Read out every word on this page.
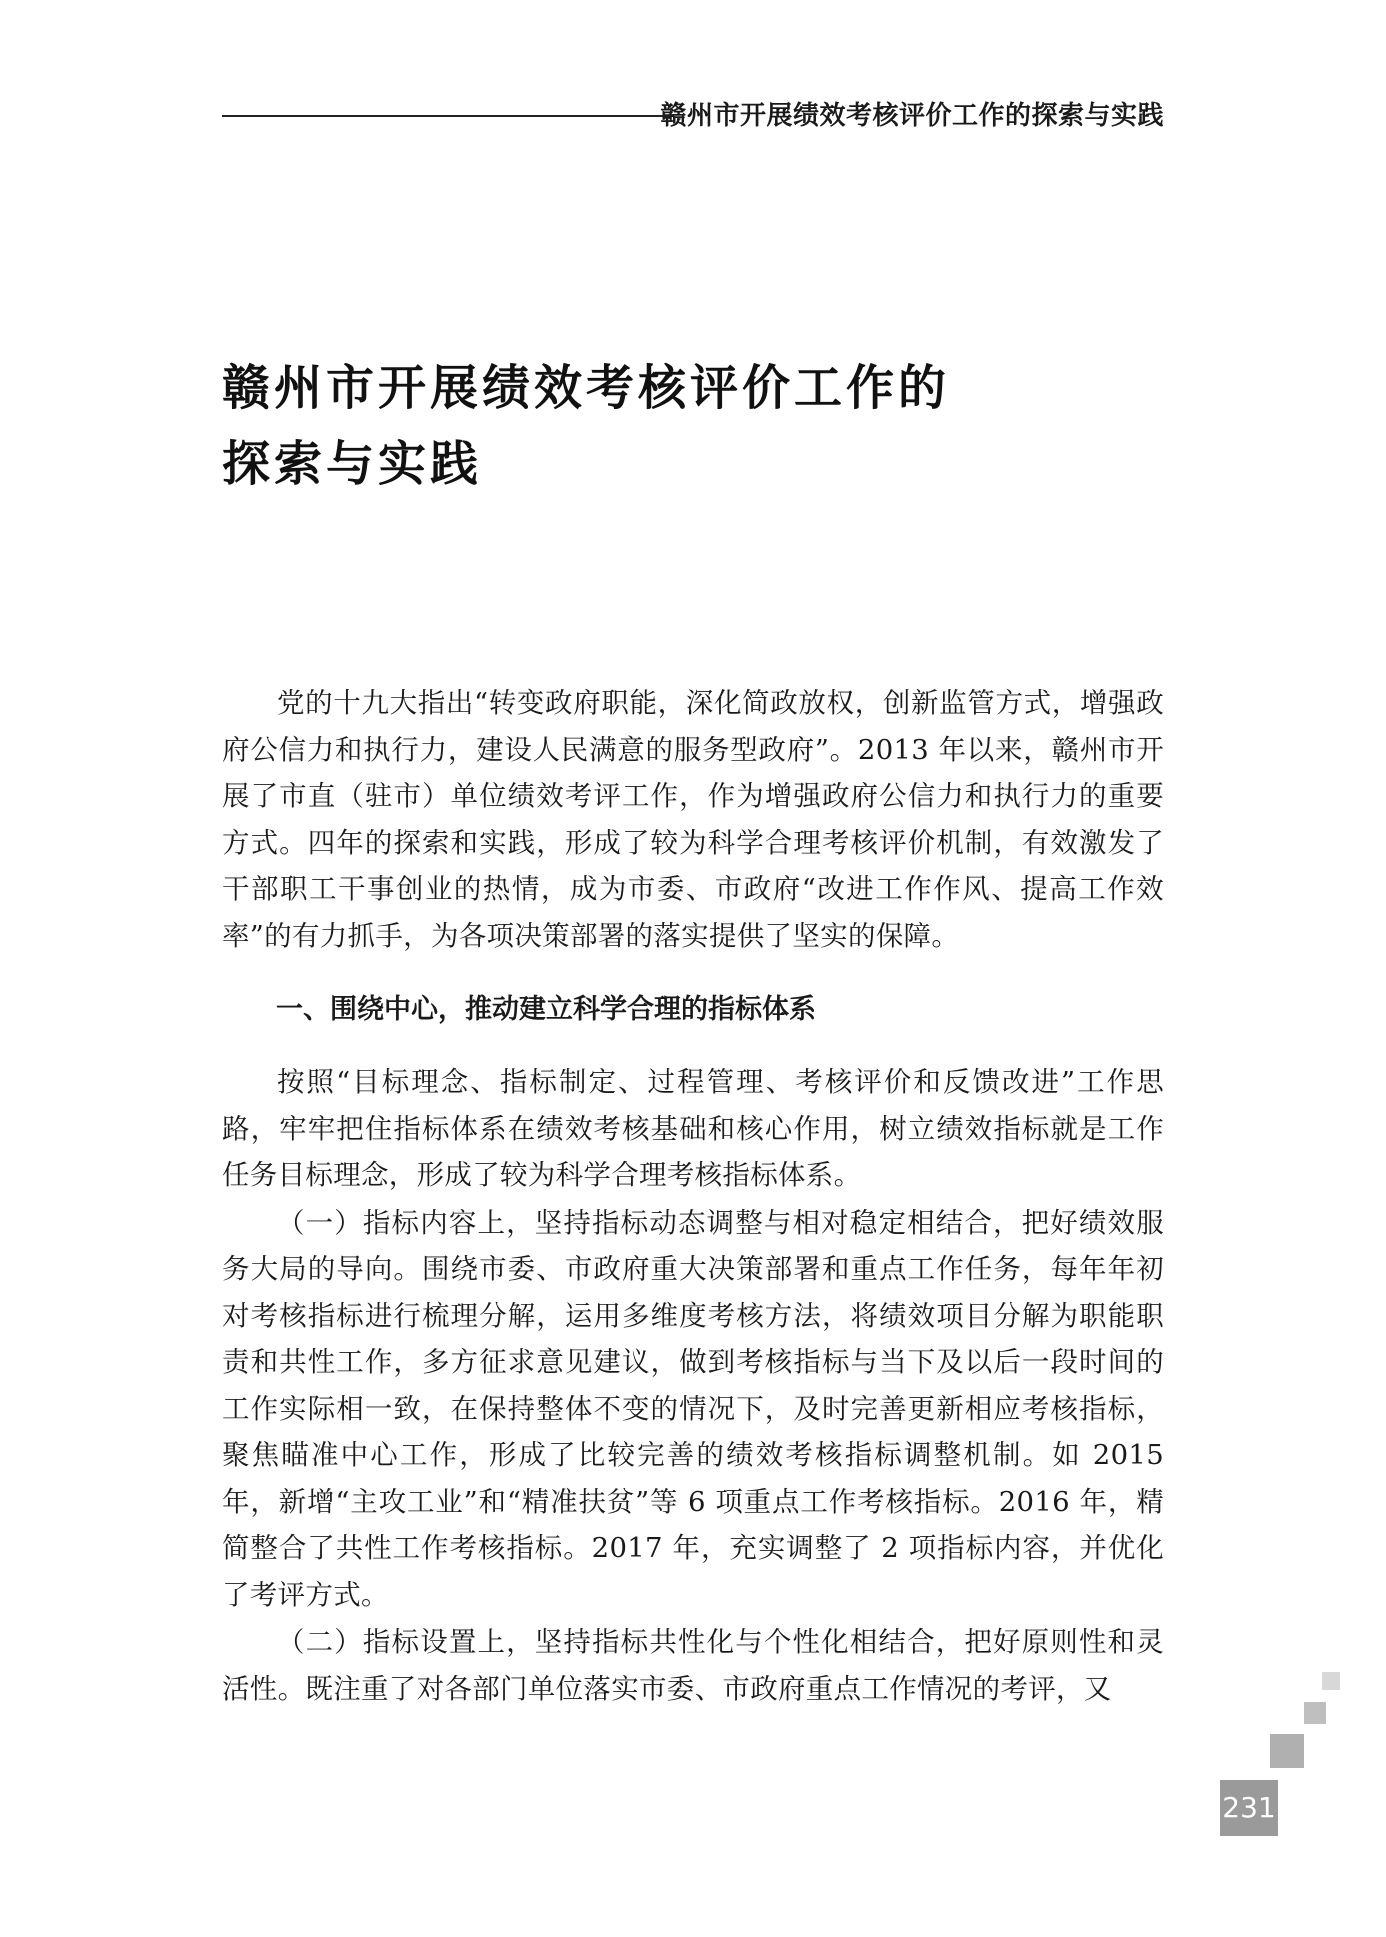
赣州市开展绩效考核评价工作的探索与实践
赣州市开展绩效考核评价工作的
探索与实践

党的十九大指出“转变政府职能，深化简政放权，创新监管方式，增强政府公信力和执行力，建设人民满意的服务型政府”。2013 年以来，赣州市开展了市直（驻市）单位绩效考评工作，作为增强政府公信力和执行力的重要方式。四年的探索和实践，形成了较为科学合理考核评价机制，有效激发了干部职工干事创业的热情，成为市委、市政府“改进工作作风、提高工作效率”的有力抓手，为各项决策部署的落实提供了坚实的保障。

一、围绕中心，推动建立科学合理的指标体系

按照“目标理念、指标制定、过程管理、考核评价和反馈改进”工作思路，牢牢把住指标体系在绩效考核基础和核心作用，树立绩效指标就是工作任务目标理念，形成了较为科学合理考核指标体系。

（一）指标内容上，坚持指标动态调整与相对稳定相结合，把好绩效服务大局的导向。围绕市委、市政府重大决策部署和重点工作任务，每年年初对考核指标进行梳理分解，运用多维度考核方法，将绩效项目分解为职能职责和共性工作，多方征求意见建议，做到考核指标与当下及以后一段时间的工作实际相一致，在保持整体不变的情况下，及时完善更新相应考核指标，聚焦瞄准中心工作，形成了比较完善的绩效考核指标调整机制。如 2015 年，新增“主攻工业”和“精准扶贫”等 6 项重点工作考核指标。2016 年，精简整合了共性工作考核指标。2017 年，充实调整了 2 项指标内容，并优化了考评方式。

（二）指标设置上，坚持指标共性化与个性化相结合，把好原则性和灵活性。既注重了对各部门单位落实市委、市政府重点工作情况的考评，又

231
